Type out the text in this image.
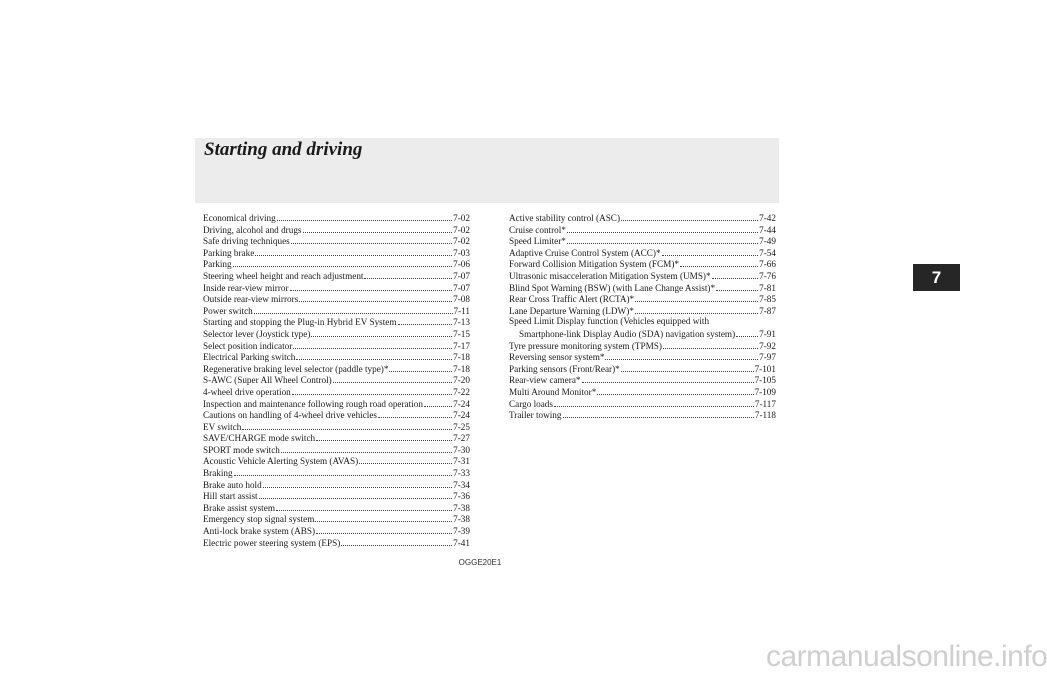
Starting and driving
7
Economical driving	7-02
Driving, alcohol and drugs	7-02
Safe driving techniques	7-02
Parking brake	7-03
Parking	7-06
Steering wheel height and reach adjustment	7-07
Inside rear-view mirror	7-07
Outside rear-view mirrors	7-08
Power switch	7-11
Starting and stopping the Plug-in Hybrid EV System	7-13
Selector lever (Joystick type)	7-15
Select position indicator	7-17
Electrical Parking switch	7-18
Regenerative braking level selector (paddle type)*	7-18
S-AWC (Super All Wheel Control)	7-20
4-wheel drive operation	7-22
Inspection and maintenance following rough road operation	7-24
Cautions on handling of 4-wheel drive vehicles	7-24
EV switch	7-25
SAVE/CHARGE mode switch	7-27
SPORT mode switch	7-30
Acoustic Vehicle Alerting System (AVAS)	7-31
Braking	7-33
Brake auto hold	7-34
Hill start assist	7-36
Brake assist system	7-38
Emergency stop signal system	7-38
Anti-lock brake system (ABS)	7-39
Electric power steering system (EPS)	7-41
Active stability control (ASC)	7-42
Cruise control*	7-44
Speed Limiter*	7-49
Adaptive Cruise Control System (ACC)*	7-54
Forward Collision Mitigation System (FCM)*	7-66
Ultrasonic misacceleration Mitigation System (UMS)*	7-76
Blind Spot Warning (BSW) (with Lane Change Assist)*	7-81
Rear Cross Traffic Alert (RCTA)*	7-85
Lane Departure Warning (LDW)*	7-87
Speed Limit Display function (Vehicles equipped with
Smartphone-link Display Audio (SDA) navigation system)	7-91
Tyre pressure monitoring system (TPMS)	7-92
Reversing sensor system*	7-97
Parking sensors (Front/Rear)*	7-101
Rear-view camera*	7-105
Multi Around Monitor*	7-109
Cargo loads	7-117
Trailer towing	7-118
OGGE20E1
carmanualsonline.info
